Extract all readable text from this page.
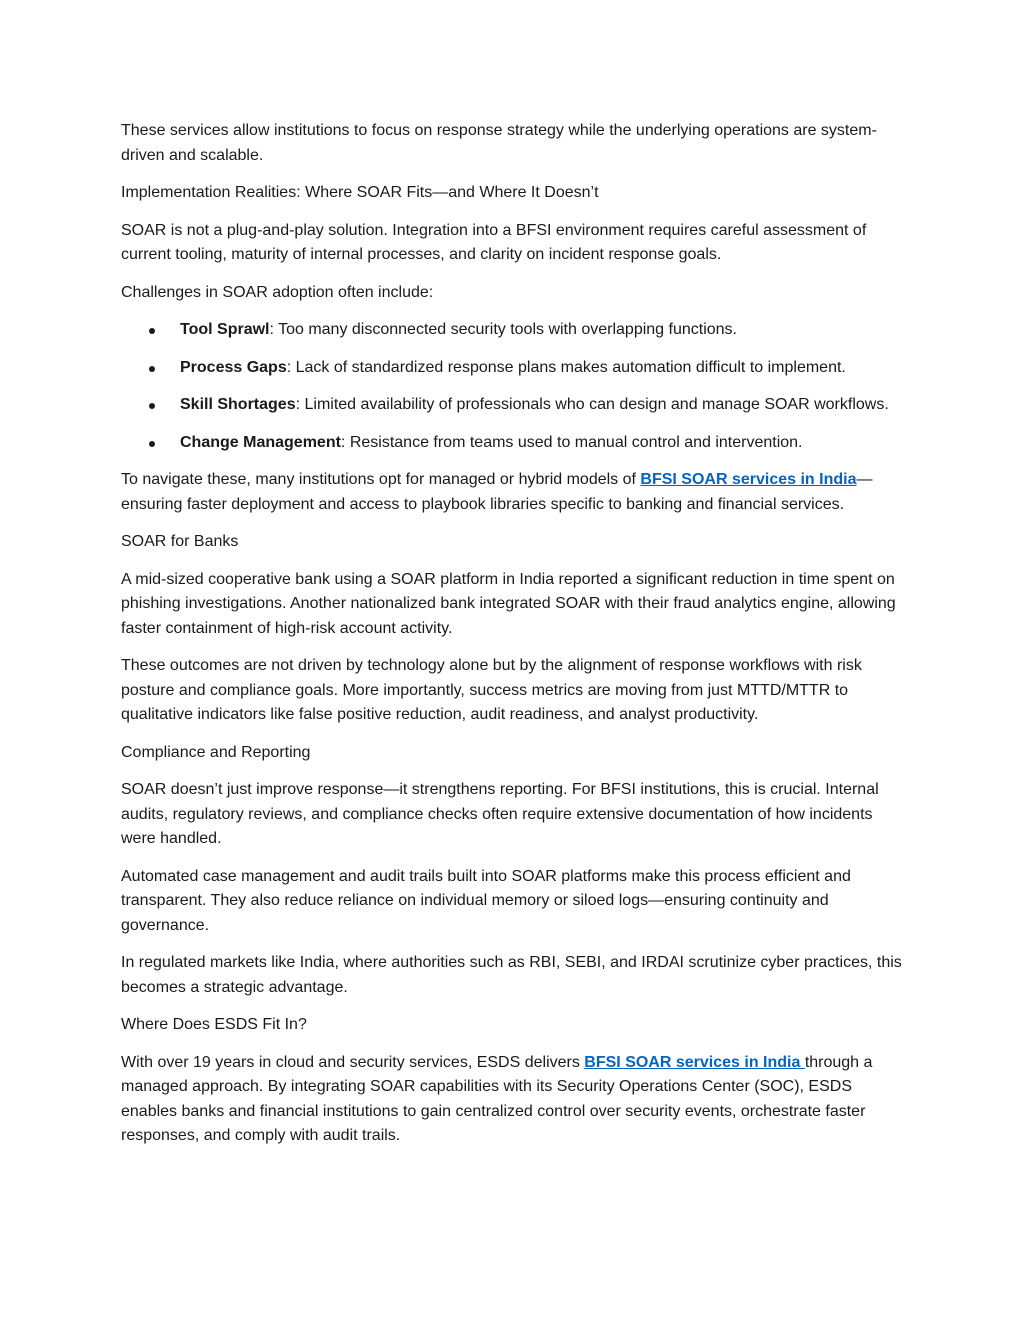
These services allow institutions to focus on response strategy while the underlying operations are system-driven and scalable.

Implementation Realities: Where SOAR Fits—and Where It Doesn’t

SOAR is not a plug-and-play solution. Integration into a BFSI environment requires careful assessment of current tooling, maturity of internal processes, and clarity on incident response goals.

Challenges in SOAR adoption often include:

Tool Sprawl: Too many disconnected security tools with overlapping functions.
Process Gaps: Lack of standardized response plans makes automation difficult to implement.
Skill Shortages: Limited availability of professionals who can design and manage SOAR workflows.
Change Management: Resistance from teams used to manual control and intervention.

To navigate these, many institutions opt for managed or hybrid models of BFSI SOAR services in India—ensuring faster deployment and access to playbook libraries specific to banking and financial services.

SOAR for Banks

A mid-sized cooperative bank using a SOAR platform in India reported a significant reduction in time spent on phishing investigations. Another nationalized bank integrated SOAR with their fraud analytics engine, allowing faster containment of high-risk account activity.

These outcomes are not driven by technology alone but by the alignment of response workflows with risk posture and compliance goals. More importantly, success metrics are moving from just MTTD/MTTR to qualitative indicators like false positive reduction, audit readiness, and analyst productivity.

Compliance and Reporting

SOAR doesn’t just improve response—it strengthens reporting. For BFSI institutions, this is crucial. Internal audits, regulatory reviews, and compliance checks often require extensive documentation of how incidents were handled.

Automated case management and audit trails built into SOAR platforms make this process efficient and transparent. They also reduce reliance on individual memory or siloed logs—ensuring continuity and governance.

In regulated markets like India, where authorities such as RBI, SEBI, and IRDAI scrutinize cyber practices, this becomes a strategic advantage.

Where Does ESDS Fit In?

With over 19 years in cloud and security services, ESDS delivers BFSI SOAR services in India through a managed approach. By integrating SOAR capabilities with its Security Operations Center (SOC), ESDS enables banks and financial institutions to gain centralized control over security events, orchestrate faster responses, and comply with audit trails.
